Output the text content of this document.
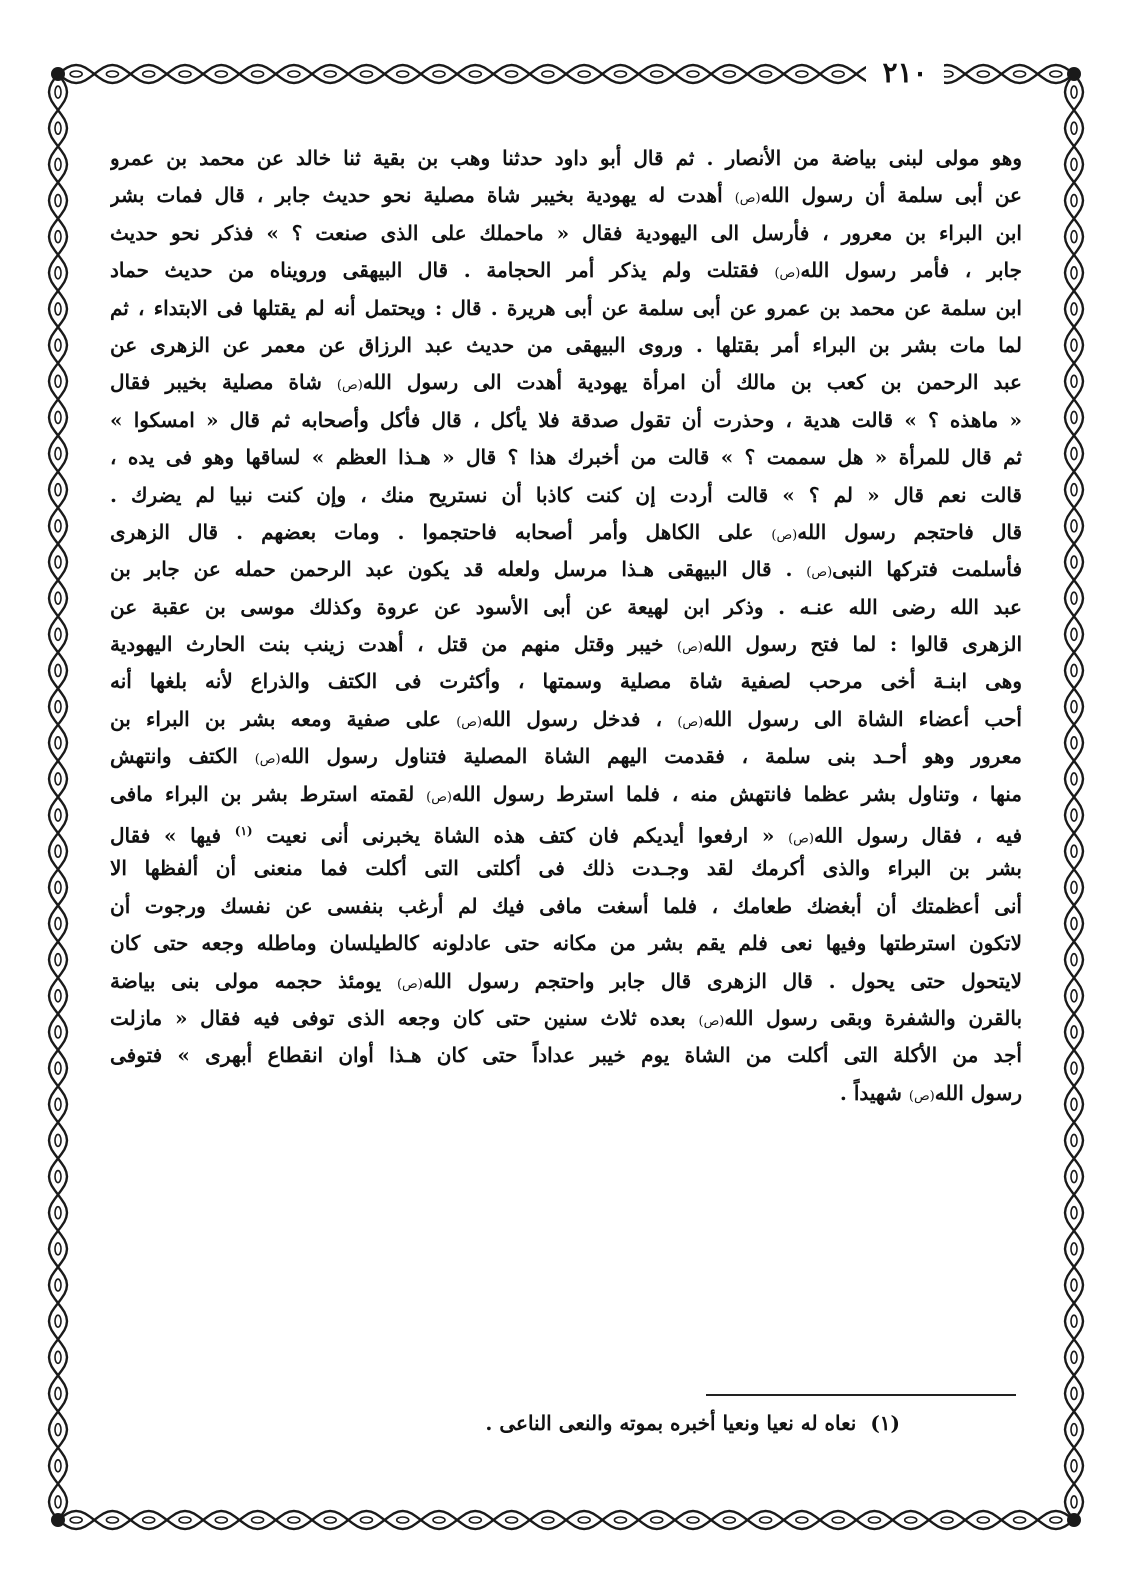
٢١٠
وهو مولى لبنى بياضة من الأنصار . ثم قال أبو داود حدثنا وهب بن بقية ثنا خالد عن محمد بن عمرو
عن أبى سلمة أن رسول الله(ص) أهدت له يهودية بخيبر شاة مصلية نحو حديث جابر ، قال فمات بشر
ابن البراء بن معرور ، فأرسل الى اليهودية فقال « ماحملك على الذى صنعت ؟ » فذكر نحو حديث
جابر ، فأمر رسول الله(ص) فقتلت ولم يذكر أمر الحجامة . قال البيهقى ورويناه من حديث حماد
ابن سلمة عن محمد بن عمرو عن أبى سلمة عن أبى هريرة . قال : ويحتمل أنه لم يقتلها فى الابتداء ، ثم
لما مات بشر بن البراء أمر بقتلها . وروى البيهقى من حديث عبد الرزاق عن معمر عن الزهرى عن
عبد الرحمن بن كعب بن مالك أن امرأة يهودية أهدت الى رسول الله(ص) شاة مصلية بخيبر فقال
« ماهذه ؟ » قالت هدية ، وحذرت أن تقول صدقة فلا يأكل ، قال فأكل وأصحابه ثم قال « امسكوا »
ثم قال للمرأة « هل سممت ؟ » قالت من أخبرك هذا ؟ قال « هـذا العظم » لساقها وهو فى يده ،
قالت نعم قال « لم ؟ » قالت أردت إن كنت كاذبا أن نستريح منك ، وإن كنت نبيا لم يضرك .
قال فاحتجم رسول الله(ص) على الكاهل وأمر أصحابه فاحتجموا . ومات بعضهم . قال الزهرى
فأسلمت فتركها النبى(ص) . قال البيهقى هـذا مرسل ولعله قد يكون عبد الرحمن حمله عن جابر بن
عبد الله رضى الله عنـه . وذكر ابن لهيعة عن أبى الأسود عن عروة وكذلك موسى بن عقبة عن
الزهرى قالوا : لما فتح رسول الله(ص) خيبر وقتل منهم من قتل ، أهدت زينب بنت الحارث اليهودية
وهى ابنـة أخى مرحب لصفية شاة مصلية وسمتها ، وأكثرت فى الكتف والذراع لأنه بلغها أنه
أحب أعضاء الشاة الى رسول الله(ص) ، فدخل رسول الله(ص) على صفية ومعه بشر بن البراء بن
معرور وهو أحـد بنى سلمة ، فقدمت اليهم الشاة المصلية فتناول رسول الله(ص) الكتف وانتهش
منها ، وتناول بشر عظما فانتهش منه ، فلما استرط رسول الله(ص) لقمته استرط بشر بن البراء مافى
فيه ، فقال رسول الله(ص) « ارفعوا أيديكم فان كتف هذه الشاة يخبرنى أنى نعيت $^{(١)}$ فيها » فقال
بشر بن البراء والذى أكرمك لقد وجـدت ذلك فى أكلتى التى أكلت فما منعنى أن ألفظها الا
أنى أعظمتك أن أبغضك طعامك ، فلما أسغت مافى فيك لم أرغب بنفسى عن نفسك ورجوت أن
لاتكون استرطتها وفيها نعى فلم يقم بشر من مكانه حتى عادلونه كالطيلسان وماطله وجعه حتى كان
لايتحول حتى يحول . قال الزهرى قال جابر واحتجم رسول الله(ص) يومئذ حجمه مولى بنى بياضة
بالقرن والشفرة وبقى رسول الله(ص) بعده ثلاث سنين حتى كان وجعه الذى توفى فيه فقال « مازلت
أجد من الأكلة التى أكلت من الشاة يوم خيبر عداداً حتى كان هـذا أوان انقطاع أبهرى » فتوفى
رسول الله(ص) شهيداً .
(١)نعاه له نعيا ونعيا أخبره بموته والنعى الناعى .
